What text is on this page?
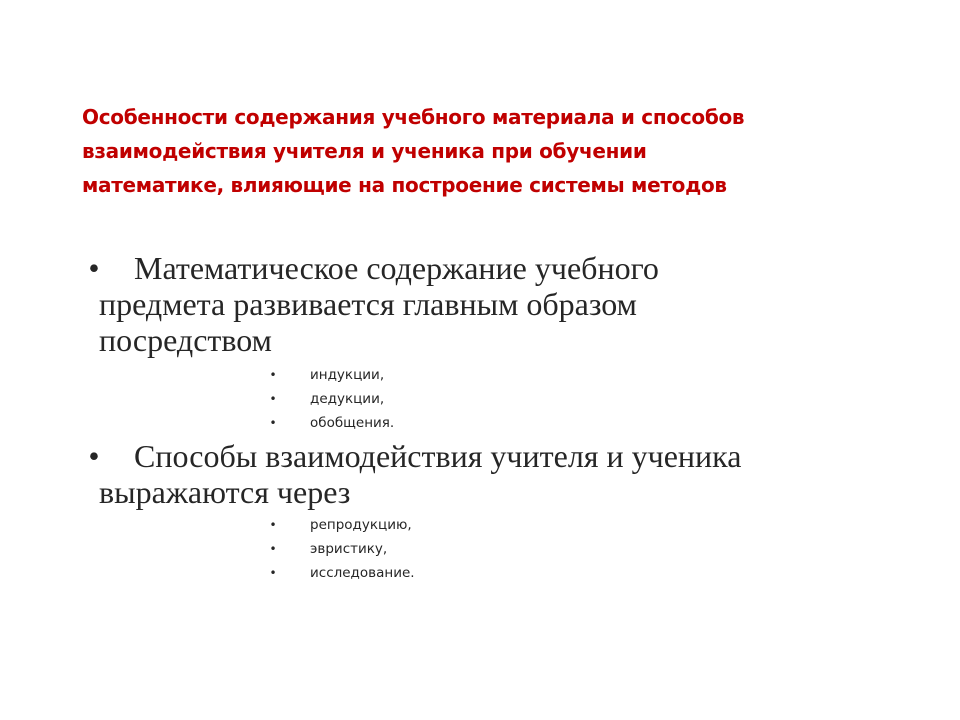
Особенности содержания учебного материала и способов
взаимодействия учителя и ученика при обучении
математике, влияющие на построение системы методов
•	Математическое содержание учебного
предмета развивается главным образом
посредством
• индукции,
• дедукции,
• обобщения.
•	Способы взаимодействия учителя и ученика
выражаются через
• репродукцию,
• эвристику,
• исследование.
